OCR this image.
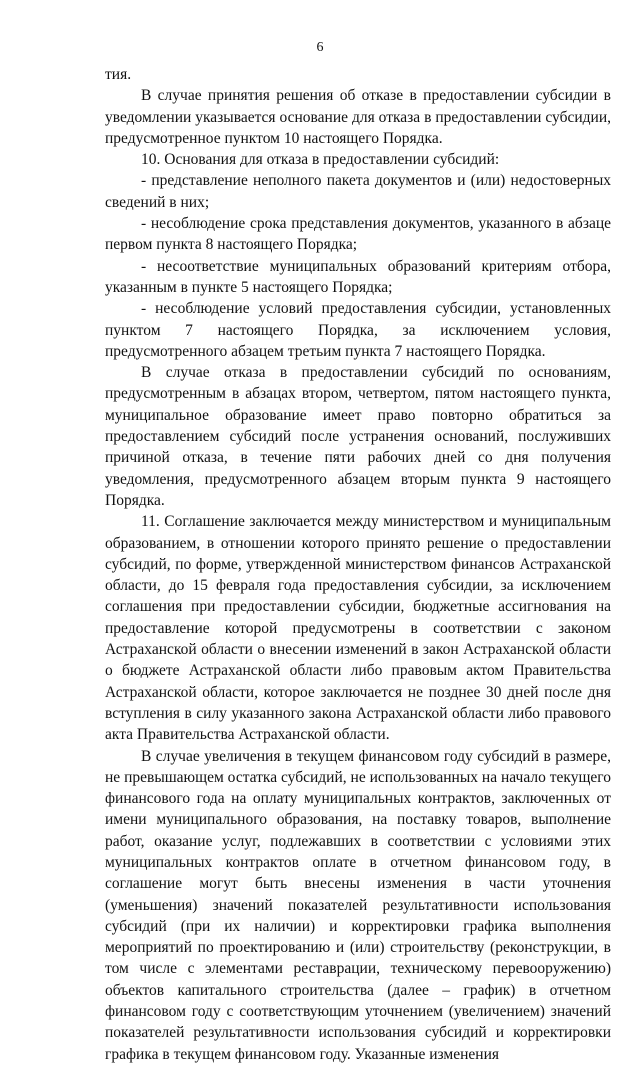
6

тия.

В случае принятия решения об отказе в предоставлении субсидии в уведомлении указывается основание для отказа в предоставлении субсидии, предусмотренное пунктом 10 настоящего Порядка.

10. Основания для отказа в предоставлении субсидий:

- представление неполного пакета документов и (или) недостоверных сведений в них;

- несоблюдение срока представления документов, указанного в абзаце первом пункта 8 настоящего Порядка;

- несоответствие муниципальных образований критериям отбора, указанным в пункте 5 настоящего Порядка;

- несоблюдение условий предоставления субсидии, установленных пунктом 7 настоящего Порядка, за исключением условия, предусмотренного абзацем третьим пункта 7 настоящего Порядка.

В случае отказа в предоставлении субсидий по основаниям, предусмотренным в абзацах втором, четвертом, пятом настоящего пункта, муниципальное образование имеет право повторно обратиться за предоставлением субсидий после устранения оснований, послуживших причиной отказа, в течение пяти рабочих дней со дня получения уведомления, предусмотренного абзацем вторым пункта 9 настоящего Порядка.

11. Соглашение заключается между министерством и муниципальным образованием, в отношении которого принято решение о предоставлении субсидий, по форме, утвержденной министерством финансов Астраханской области, до 15 февраля года предоставления субсидии, за исключением соглашения при предоставлении субсидии, бюджетные ассигнования на предоставление которой предусмотрены в соответствии с законом Астраханской области о внесении изменений в закон Астраханской области о бюджете Астраханской области либо правовым актом Правительства Астраханской области, которое заключается не позднее 30 дней после дня вступления в силу указанного закона Астраханской области либо правового акта Правительства Астраханской области.

В случае увеличения в текущем финансовом году субсидий в размере, не превышающем остатка субсидий, не использованных на начало текущего финансового года на оплату муниципальных контрактов, заключенных от имени муниципального образования, на поставку товаров, выполнение работ, оказание услуг, подлежавших в соответствии с условиями этих муниципальных контрактов оплате в отчетном финансовом году, в соглашение могут быть внесены изменения в части уточнения (уменьшения) значений показателей результативности использования субсидий (при их наличии) и корректировки графика выполнения мероприятий по проектированию и (или) строительству (реконструкции, в том числе с элементами реставрации, техническому перевооружению) объектов капитального строительства (далее – график) в отчетном финансовом году с соответствующим уточнением (увеличением) значений показателей результативности использования субсидий и корректировки графика в текущем финансовом году. Указанные изменения
